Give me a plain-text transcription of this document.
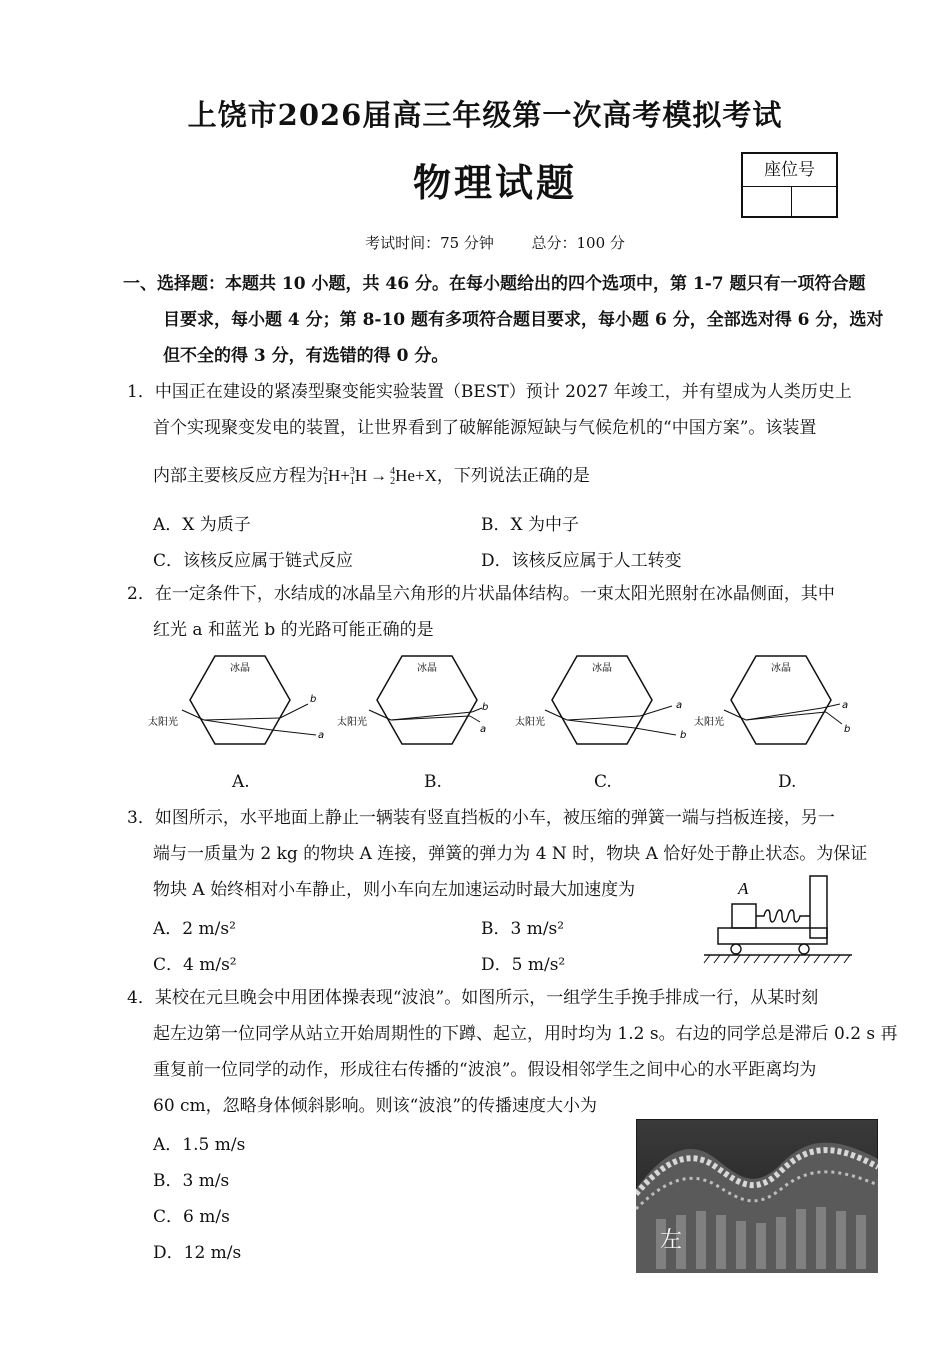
上饶市2026届高三年级第一次高考模拟考试
物理试题	座位号
考试时间：75 分钟	总分：100 分
一、选择题：本题共 10 小题，共 46 分。在每小题给出的四个选项中，第 1-7 题只有一项符合题
目要求，每小题 4 分；第 8-10 题有多项符合题目要求，每小题 6 分，全部选对得 6 分，选对
但不全的得 3 分，有选错的得 0 分。
1．中国正在建设的紧凑型聚变能实验装置（BEST）预计 2027 年竣工，并有望成为人类历史上
首个实现聚变发电的装置，让世界看到了破解能源短缺与气候危机的“中国方案”。该装置
内部主要核反应方程为2
1H+3
1H → 4
2He+X，下列说法正确的是
A．X 为质子	B．X 为中子
C．该核反应属于链式反应	D．该核反应属于人工转变
2．在一定条件下，水结成的冰晶呈六角形的片状晶体结构。一束太阳光照射在冰晶侧面，其中
红光 a 和蓝光 b 的光路可能正确的是
冰晶
太阳光
a
b
冰晶
太阳光
a
b
冰晶
太阳光
a
b
冰晶
太阳光
a
b
A.	B.	C.	D.
3．如图所示，水平地面上静止一辆装有竖直挡板的小车，被压缩的弹簧一端与挡板连接，另一
端与一质量为 2 kg 的物块 A 连接，弹簧的弹力为 4 N 时，物块 A 恰好处于静止状态。为保证
物块 A 始终相对小车静止，则小车向左加速运动时最大加速度为
A．2 m/s²	B．3 m/s²
C．4 m/s²	D．5 m/s²
A
4．某校在元旦晚会中用团体操表现“波浪”。如图所示，一组学生手挽手排成一行，从某时刻
起左边第一位同学从站立开始周期性的下蹲、起立，用时均为 1.2 s。右边的同学总是滞后 0.2 s 再
重复前一位同学的动作，形成往右传播的“波浪”。假设相邻学生之间中心的水平距离均为
60 cm，忽略身体倾斜影响。则该“波浪”的传播速度大小为
A．1.5 m/s
B．3 m/s
C．6 m/s
D．12 m/s	左
